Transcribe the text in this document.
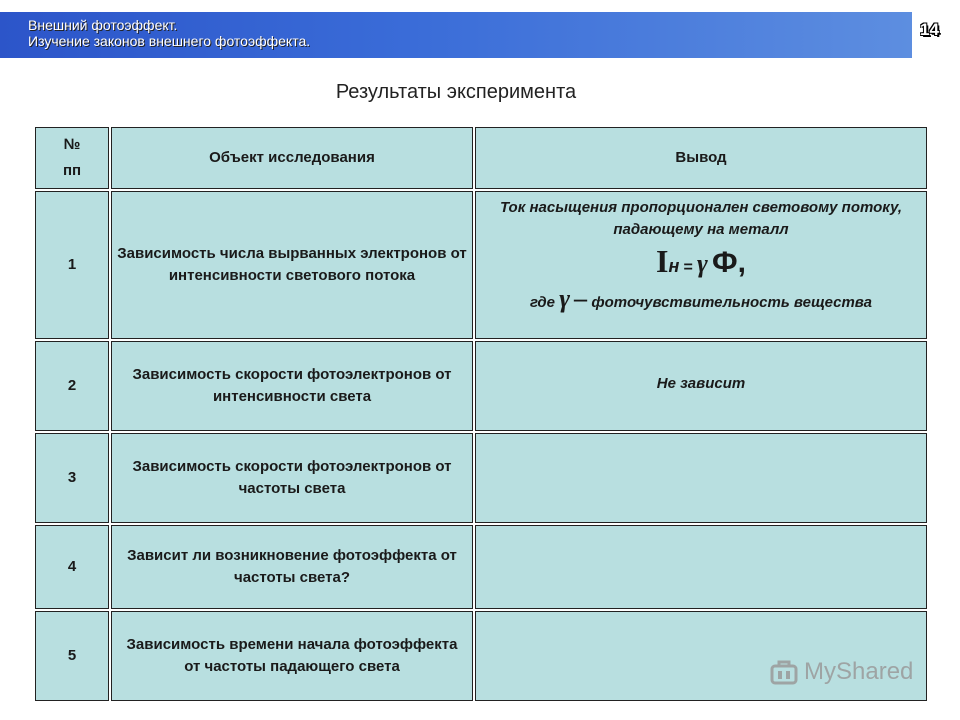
Внешний фотоэффект.
Изучение законов внешнего фотоэффекта.
14
Результаты эксперимента
№
пп	Объект исследования	Вывод
1	Зависимость числа вырванных электронов от интенсивности светового потока	Ток насыщения пропорционален световому потоку, падающему на металл
Iн = γ Ф,
где γ – фоточувствительность вещества

2	Зависимость скорости фотоэлектронов от интенсивности света	Не зависит
3	Зависимость скорости фотоэлектронов от частоты света	
4	Зависит ли возникновение фотоэффекта от частоты света?	
5	Зависимость времени начала фотоэффекта от частоты падающего света		MyShared
